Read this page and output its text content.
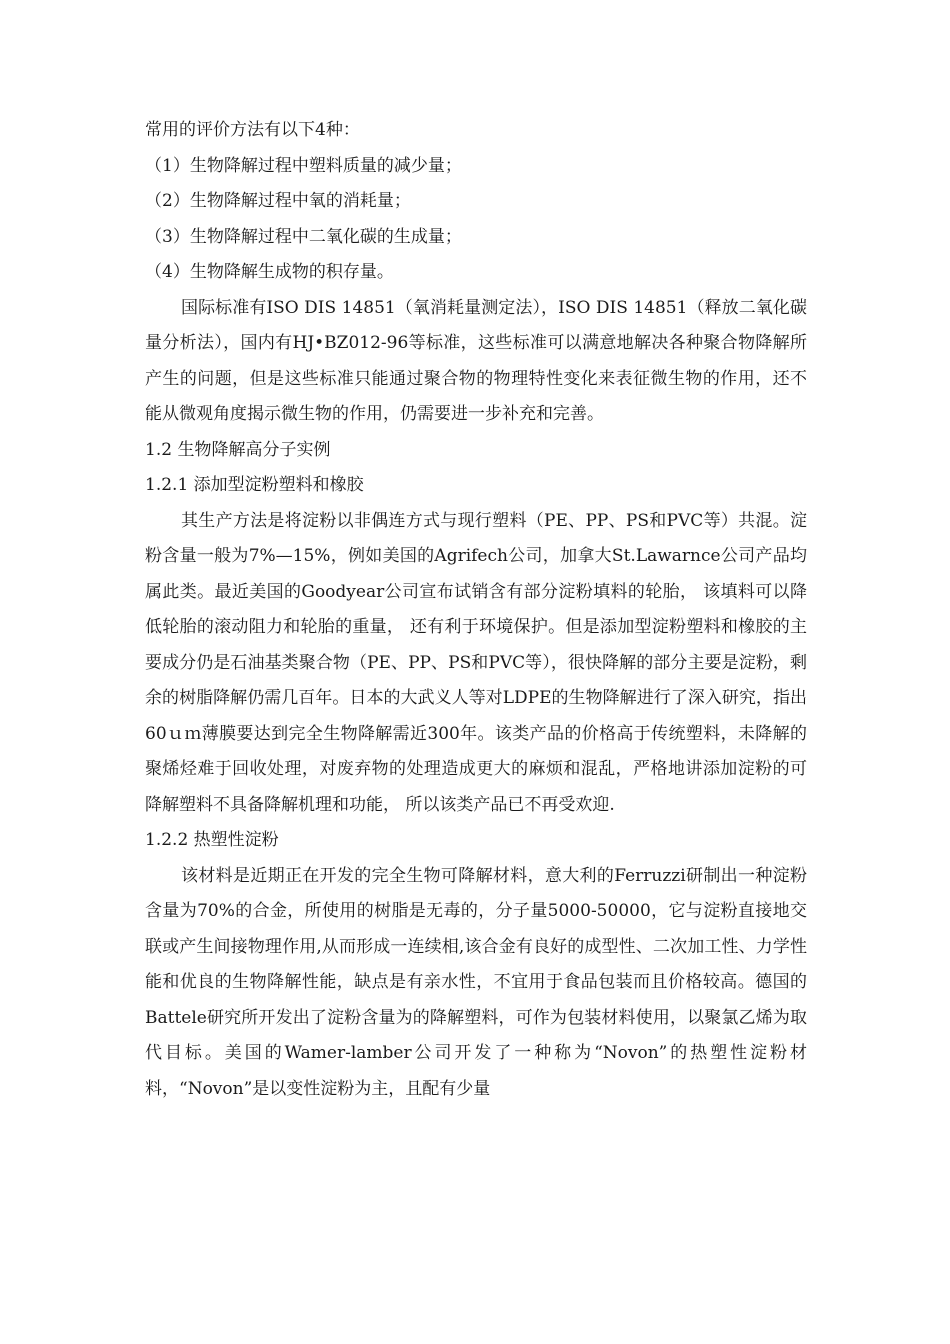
常用的评价方法有以下4种：
（1）生物降解过程中塑料质量的减少量；
（2）生物降解过程中氧的消耗量；
（3）生物降解过程中二氧化碳的生成量；
（4）生物降解生成物的积存量。
国际标准有ISO DIS 14851（氧消耗量测定法），ISO DIS 14851（释放二氧化碳量分析法），国内有HJ•BZ012-96等标准，这些标准可以满意地解决各种聚合物降解所产生的问题，但是这些标准只能通过聚合物的物理特性变化来表征微生物的作用，还不能从微观角度揭示微生物的作用，仍需要进一步补充和完善。
1.2 生物降解高分子实例
1.2.1 添加型淀粉塑料和橡胶
其生产方法是将淀粉以非偶连方式与现行塑料（PE、PP、PS和PVC等）共混。淀粉含量一般为7%—15%，例如美国的Agrifech公司，加拿大St.Lawarnce公司产品均属此类。最近美国的Goodyear公司宣布试销含有部分淀粉填料的轮胎， 该填料可以降低轮胎的滚动阻力和轮胎的重量， 还有利于环境保护。但是添加型淀粉塑料和橡胶的主要成分仍是石油基类聚合物（PE、PP、PS和PVC等），很快降解的部分主要是淀粉，剩余的树脂降解仍需几百年。日本的大武义人等对LDPE的生物降解进行了深入研究，指出60ｕｍ薄膜要达到完全生物降解需近300年。该类产品的价格高于传统塑料，未降解的聚烯烃难于回收处理，对废弃物的处理造成更大的麻烦和混乱，严格地讲添加淀粉的可降解塑料不具备降解机理和功能， 所以该类产品已不再受欢迎.
1.2.2 热塑性淀粉
该材料是近期正在开发的完全生物可降解材料，意大利的Ferruzzi研制出一种淀粉含量为70%的合金，所使用的树脂是无毒的，分子量5000-50000，它与淀粉直接地交联或产生间接物理作用,从而形成一连续相,该合金有良好的成型性、二次加工性、力学性能和优良的生物降解性能，缺点是有亲水性，不宜用于食品包装而且价格较高。德国的Battele研究所开发出了淀粉含量为的降解塑料，可作为包装材料使用，以聚氯乙烯为取代目标。美国的Wamer-lamber公司开发了一种称为“Novon”的热塑性淀粉材料，“Novon”是以变性淀粉为主，且配有少量
